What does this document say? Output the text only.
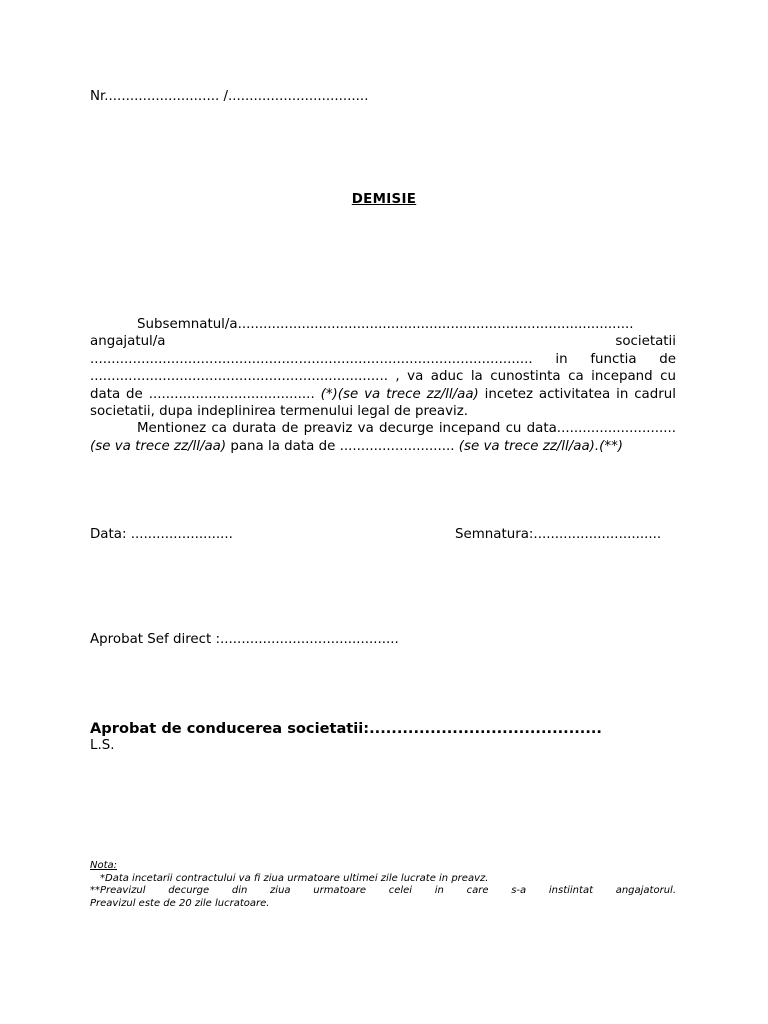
Nr........................... /.................................
DEMISIE

Subsemnatul/a............................................................................................. angajatul/a	societatii ........................................................................................................ in functia de ...................................................................... , va aduc la cunostinta ca incepand cu data de ....................................... (*)(se va trece zz/ll/aa) incetez activitatea in cadrul societatii, dupa indeplinirea termenului legal de preaviz.

Mentionez ca durata de preaviz va decurge incepand cu data............................ (se va trece zz/ll/aa) pana la data de ........................... (se va trece zz/ll/aa).(**)

Data: ........................	Semnatura:..............................
Aprobat Sef direct :..........................................
Aprobat de conducerea societatii:..........................................
L.S.
Nota:
*Data incetarii contractului va fi ziua urmatoare ultimei zile lucrate in preavz.
**Preavizul decurge din ziua urmatoare celei in care s-a instiintat angajatorul.
Preavizul este de 20 zile lucratoare.
